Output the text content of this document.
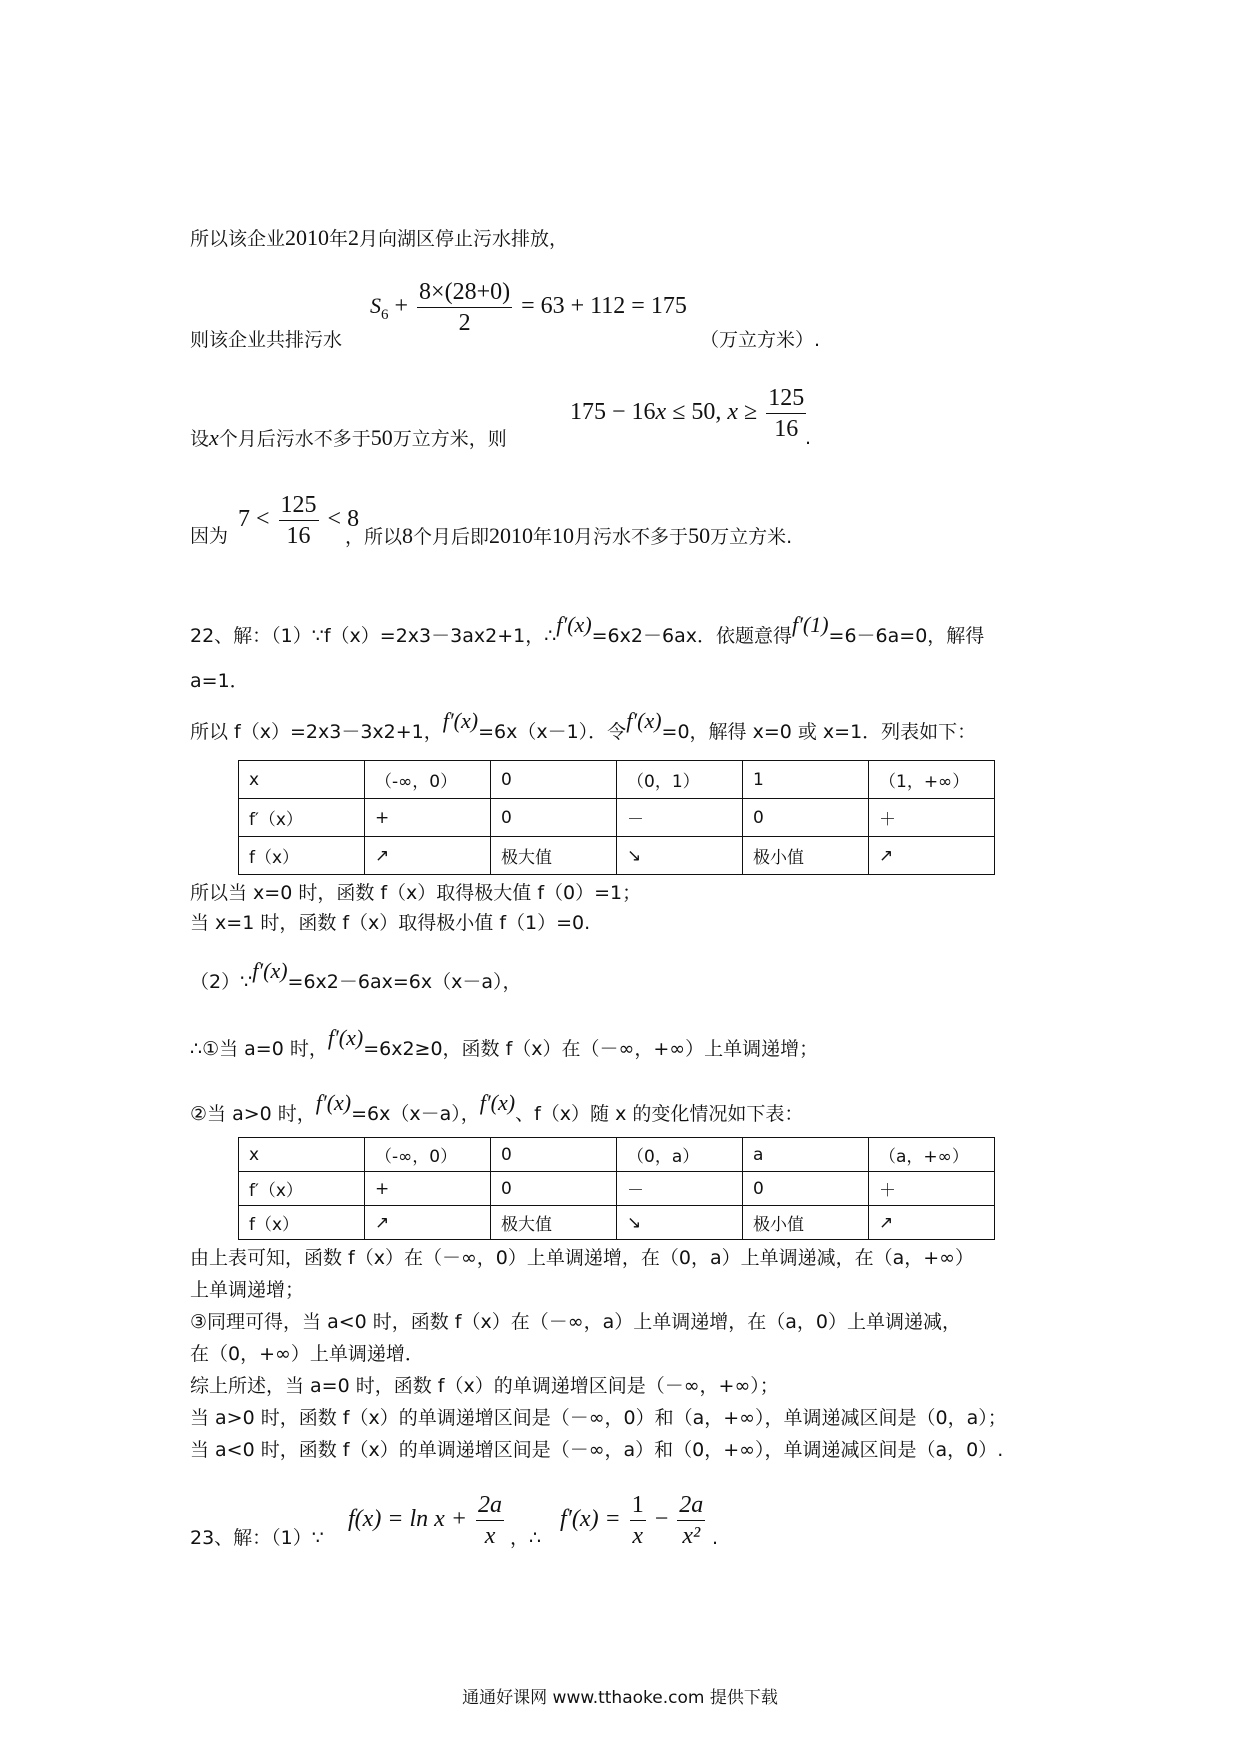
所以该企业2010年2月向湖区停止污水排放，
$S_6 + \frac{8\times(28+0)}{2} = 63 + 112 = 175$
则该企业共排污水	（万立方米）.
175 − 16x ≤ 50, $x \ge \frac{125}{16}$
设x个月后污水不多于50万立方米，则	.
$7 < \frac{125}{16} < 8$
因为	，所以8个月后即2010年10月污水不多于50万立方米.
22、解：（1）∵f（x）=2x3－3ax2+1，∴f′(x)=6x2－6ax．依题意得f′(1)=6－6a=0，解得
a=1．
所以 f（x）=2x3－3x2+1，f′(x)=6x（x－1）．令f′(x)=0，解得 x=0 或 x=1．列表如下：
x	（-∞，0）	0	（0，1）	1	（1，+∞）
f′（x）	+	0	－	0	＋
f（x）	↗	极大值	↘	极小值	↗
所以当 x=0 时，函数 f（x）取得极大值 f（0）=1；
当 x=1 时，函数 f（x）取得极小值 f（1）=0.
（2）∵f′(x)=6x2－6ax=6x（x－a），
∴①当 a=0 时，f′(x)=6x2≥0，函数 f（x）在（－∞，+∞）上单调递增；
②当 a>0 时，f′(x)=6x（x－a），f′(x)、f（x）随 x 的变化情况如下表：
x	（-∞，0）	0	（0，a）	a	（a，+∞）
f′（x）	+	0	－	0	＋
f（x）	↗	极大值	↘	极小值	↗
由上表可知，函数 f（x）在（－∞，0）上单调递增，在（0，a）上单调递减，在（a，+∞）
上单调递增；
③同理可得，当 a<0 时，函数 f（x）在（－∞，a）上单调递增，在（a，0）上单调递减，
在（0，+∞）上单调递增．
综上所述，当 a=0 时，函数 f（x）的单调递增区间是（－∞，+∞）；
当 a>0 时，函数 f（x）的单调递增区间是（－∞，0）和（a，+∞），单调递减区间是（0，a）；
当 a<0 时，函数 f（x）的单调递增区间是（－∞，a）和（0，+∞），单调递减区间是（a，0）.
$f(x) = \ln x + \frac{2a}{x} f'(x) = \frac{1}{x} - \frac{2a}{\text{x²}}$
23、解：（1）∵	，∴	.
通通好课网 www.tthaoke.com 提供下载
